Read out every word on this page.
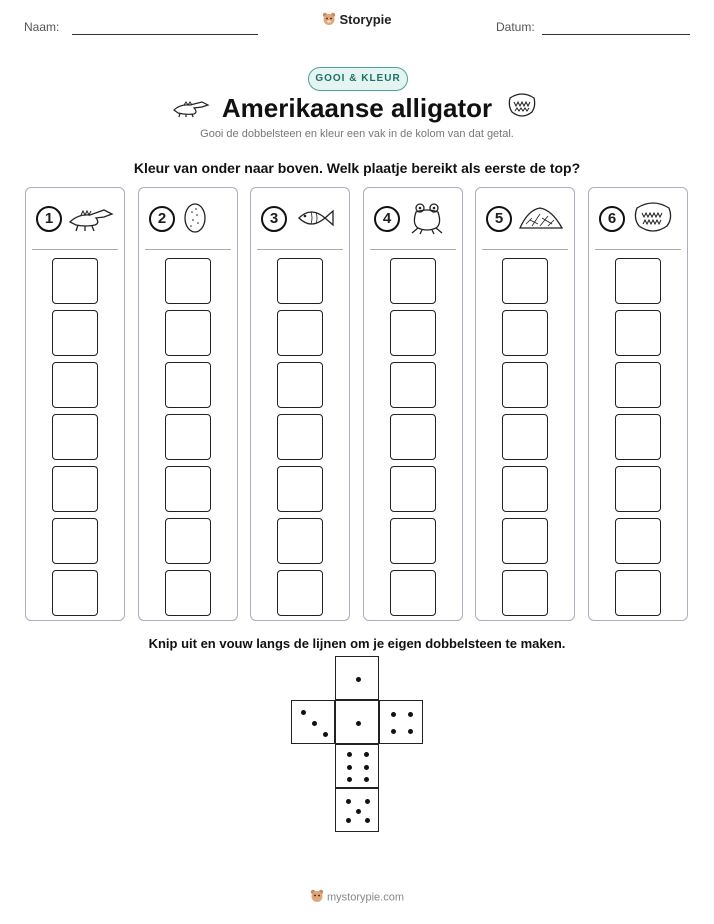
Naam:	Storypie	Datum:
GOOI & KLEUR
Amerikaanse alligator
Gooi de dobbelsteen en kleur een vak in de kolom van dat getal.
Kleur van onder naar boven. Welk plaatje bereikt als eerste de top?
1	2	3	4	5	6
Knip uit en vouw langs de lijnen om je eigen dobbelsteen te maken.
mystorypie.com
